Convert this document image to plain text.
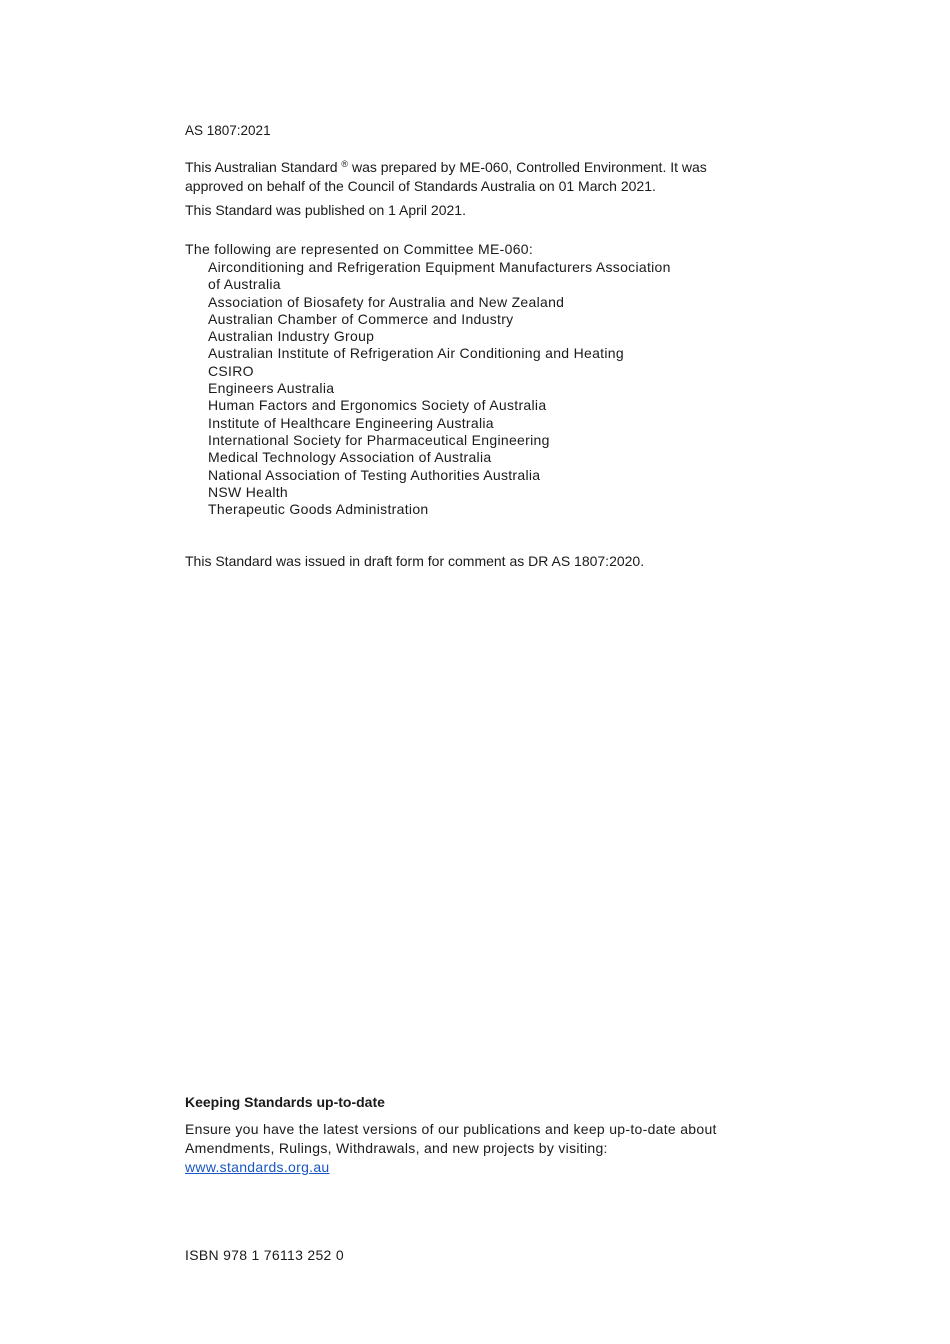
AS 1807:2021
This Australian Standard ® was prepared by ME-060, Controlled Environment. It was approved on behalf of the Council of Standards Australia on 01 March 2021.
This Standard was published on 1 April 2021.
The following are represented on Committee ME-060:
Airconditioning and Refrigeration Equipment Manufacturers Association
of Australia
Association of Biosafety for Australia and New Zealand
Australian Chamber of Commerce and Industry
Australian Industry Group
Australian Institute of Refrigeration Air Conditioning and Heating
CSIRO
Engineers Australia
Human Factors and Ergonomics Society of Australia
Institute of Healthcare Engineering Australia
International Society for Pharmaceutical Engineering
Medical Technology Association of Australia
National Association of Testing Authorities Australia
NSW Health
Therapeutic Goods Administration
This Standard was issued in draft form for comment as DR AS 1807:2020.
Keeping Standards up-to-date
Ensure you have the latest versions of our publications and keep up-to-date about Amendments, Rulings, Withdrawals, and new projects by visiting:
www.standards.org.au
ISBN 978 1 76113 252 0
